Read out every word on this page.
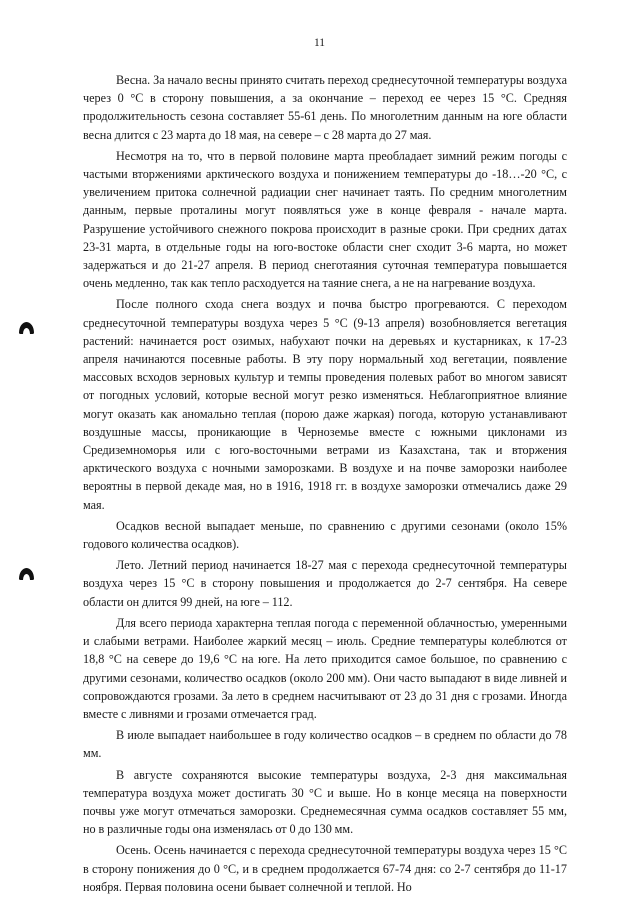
11

Весна. За начало весны принято считать переход среднесуточной температуры воздуха через 0 °C в сторону повышения, а за окончание – переход ее через 15 °C. Средняя продолжительность сезона составляет 55-61 день. По многолетним данным на юге области весна длится с 23 марта до 18 мая, на севере – с 28 марта до 27 мая.

Несмотря на то, что в первой половине марта преобладает зимний режим погоды с частыми вторжениями арктического воздуха и понижением температуры до -18…-20 °C, с увеличением притока солнечной радиации снег начинает таять. По средним многолетним данным, первые проталины могут появляться уже в конце февраля - начале марта. Разрушение устойчивого снежного покрова происходит в разные сроки. При средних датах 23-31 марта, в отдельные годы на юго-востоке области снег сходит 3-6 марта, но может задержаться и до 21-27 апреля. В период снеготаяния суточная температура повышается очень медленно, так как тепло расходуется на таяние снега, а не на нагревание воздуха.

После полного схода снега воздух и почва быстро прогреваются. С переходом среднесуточной температуры воздуха через 5 °C (9-13 апреля) возобновляется вегетация растений: начинается рост озимых, набухают почки на деревьях и кустарниках, к 17-23 апреля начинаются посевные работы. В эту пору нормальный ход вегетации, появление массовых всходов зерновых культур и темпы проведения полевых работ во многом зависят от погодных условий, которые весной могут резко изменяться. Неблагоприятное влияние могут оказать как аномально теплая (порою даже жаркая) погода, которую устанавливают воздушные массы, проникающие в Черноземье вместе с южными циклонами из Средиземноморья или с юго-восточными ветрами из Казахстана, так и вторжения арктического воздуха с ночными заморозками. В воздухе и на почве заморозки наиболее вероятны в первой декаде мая, но в 1916, 1918 гг. в воздухе заморозки отмечались даже 29 мая.

Осадков весной выпадает меньше, по сравнению с другими сезонами (около 15% годового количества осадков).

Лето. Летний период начинается 18-27 мая с перехода среднесуточной температуры воздуха через 15 °C в сторону повышения и продолжается до 2-7 сентября. На севере области он длится 99 дней, на юге – 112.

Для всего периода характерна теплая погода с переменной облачностью, умеренными и слабыми ветрами. Наиболее жаркий месяц – июль. Средние температуры колеблются от 18,8 °C на севере до 19,6 °C на юге. На лето приходится самое большое, по сравнению с другими сезонами, количество осадков (около 200 мм). Они часто выпадают в виде ливней и сопровождаются грозами. За лето в среднем насчитывают от 23 до 31 дня с грозами. Иногда вместе с ливнями и грозами отмечается град.

В июле выпадает наибольшее в году количество осадков – в среднем по области до 78 мм.

В августе сохраняются высокие температуры воздуха, 2-3 дня максимальная температура воздуха может достигать 30 °C и выше. Но в конце месяца на поверхности почвы уже могут отмечаться заморозки. Среднемесячная сумма осадков составляет 55 мм, но в различные годы она изменялась от 0 до 130 мм.

Осень. Осень начинается с перехода среднесуточной температуры воздуха через 15 °C в сторону понижения до 0 °C, и в среднем продолжается 67-74 дня: со 2-7 сентября до 11-17 ноября. Первая половина осени бывает солнечной и теплой. Но
